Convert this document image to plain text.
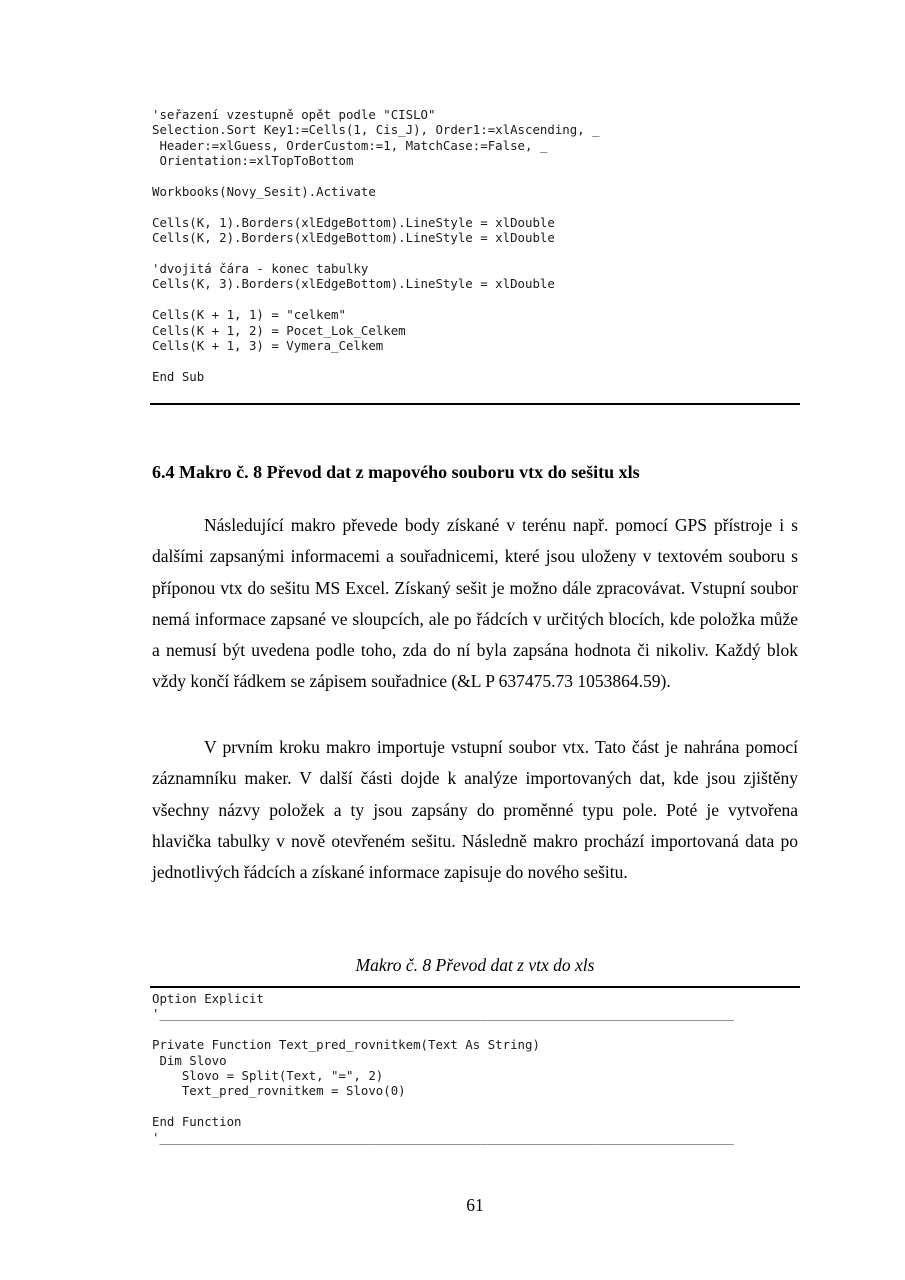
'seřazení vzestupně opět podle "CISLO"
Selection.Sort Key1:=Cells(1, Cis_J), Order1:=xlAscending, _
Header:=xlGuess, OrderCustom:=1, MatchCase:=False, _
Orientation:=xlTopToBottom
Workbooks(Novy_Sesit).Activate
Cells(K, 1).Borders(xlEdgeBottom).LineStyle = xlDouble
Cells(K, 2).Borders(xlEdgeBottom).LineStyle = xlDouble
'dvojitá čára - konec tabulky
Cells(K, 3).Borders(xlEdgeBottom).LineStyle = xlDouble
Cells(K + 1, 1) = "celkem"
Cells(K + 1, 2) = Pocet_Lok_Celkem
Cells(K + 1, 3) = Vymera_Celkem
End Sub
6.4 Makro č. 8 Převod dat z mapového souboru vtx do sešitu xls

Následující makro převede body získané v terénu např. pomocí GPS přístroje i s dalšími zapsanými informacemi a souřadnicemi, které jsou uloženy v textovém souboru s příponou vtx do sešitu MS Excel. Získaný sešit je možno dále zpracovávat. Vstupní soubor nemá informace zapsané ve sloupcích, ale po řádcích v určitých blocích, kde položka může a nemusí být uvedena podle toho, zda do ní byla zapsána hodnota či nikoliv. Každý blok vždy končí řádkem se zápisem souřadnice (&L P 637475.73 1053864.59).

V prvním kroku makro importuje vstupní soubor vtx. Tato část je nahrána pomocí záznamníku maker. V další části dojde k analýze importovaných dat, kde jsou zjištěny všechny názvy položek a ty jsou zapsány do proměnné typu pole. Poté je vytvořena hlavička tabulky v nově otevřeném sešitu. Následně makro prochází importovaná data po jednotlivých řádcích a získané informace zapisuje do nového sešitu.

Makro č. 8 Převod dat z vtx do xls
Option Explicit
'_____________________________________________________________________________
Private Function Text_pred_rovnitkem(Text As String)
Dim Slovo
Slovo = Split(Text, "=", 2)
Text_pred_rovnitkem = Slovo(0)
End Function
'_____________________________________________________________________________
61
